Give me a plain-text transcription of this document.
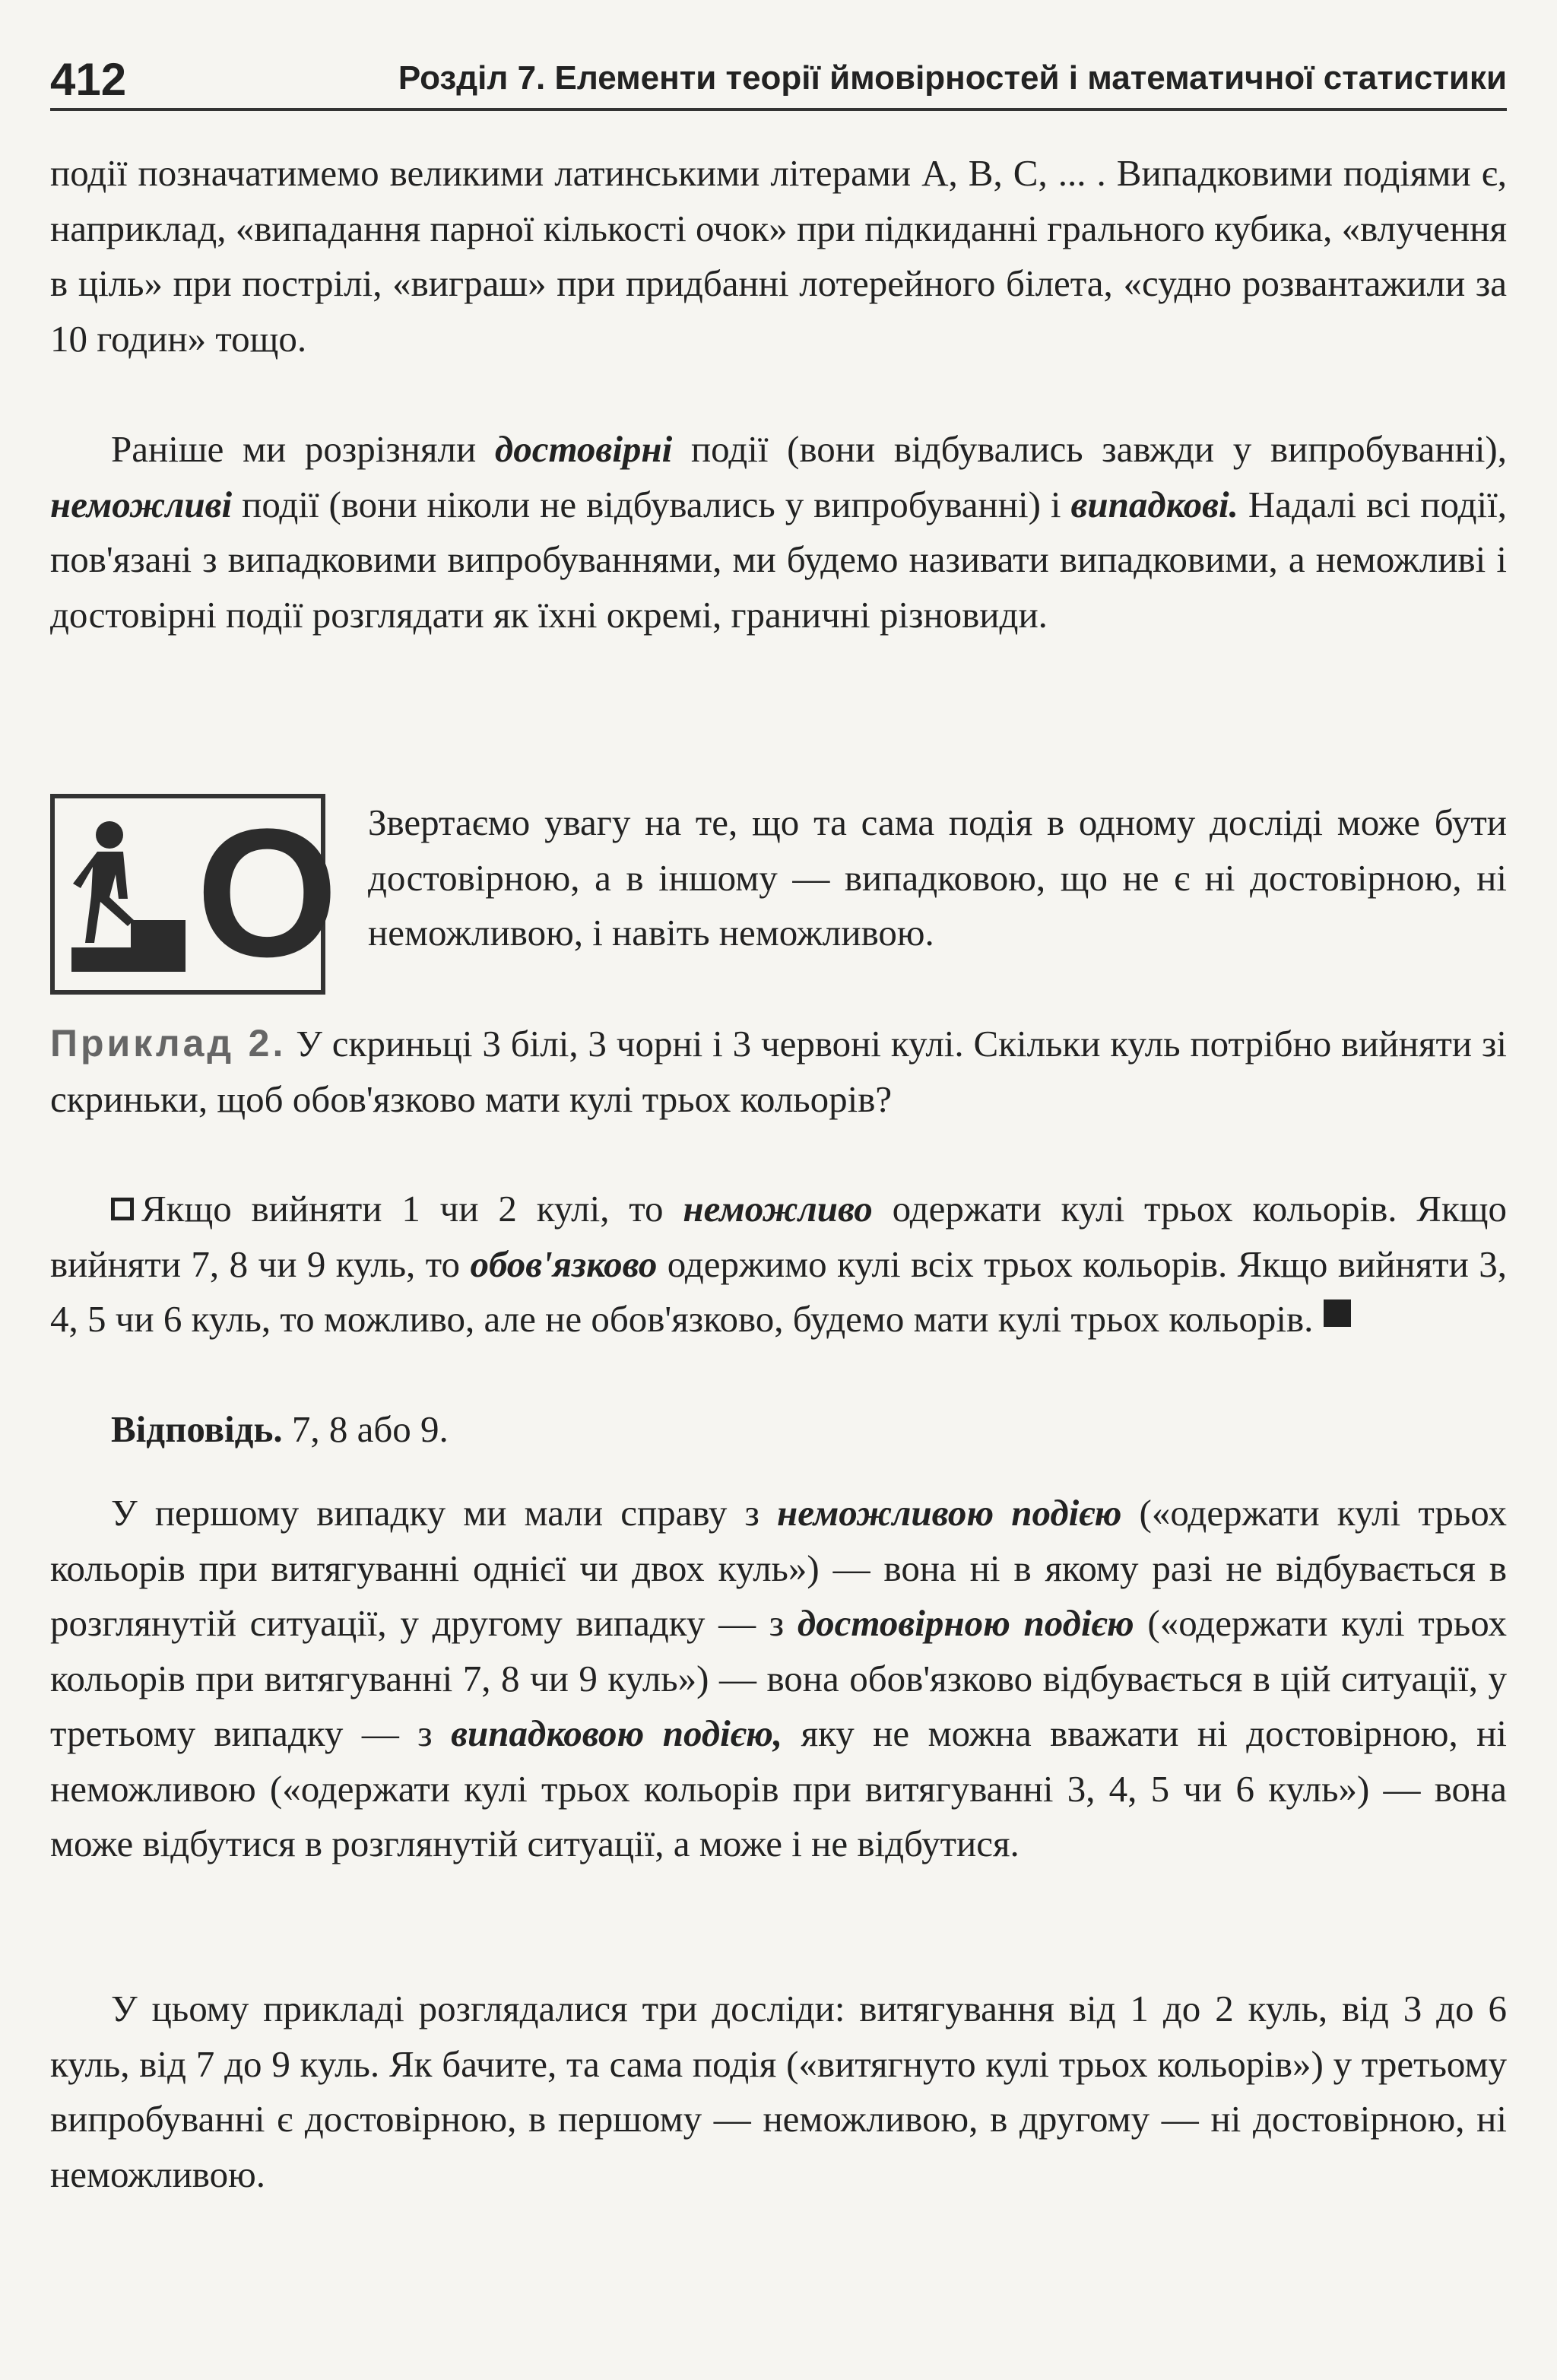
412	Розділ 7. Елементи теорії ймовірностей і математичної статистики

події позначатимемо великими латинськими літерами A, B, C, ... . Випадковими подіями є, наприклад, «випадання парної кількості очок» при підкиданні грального кубика, «влучення в ціль» при пострілі, «виграш» при придбанні лотерейного білета, «судно розвантажили за 10 годин» тощо.

Раніше ми розрізняли достовірні події (вони відбувались завжди у випробуванні), неможливі події (вони ніколи не відбувались у випробуванні) і випадкові. Надалі всі події, пов'язані з випадковими випробуваннями, ми будемо називати випадковими, а неможливі і достовірні події розглядати як їхні окремі, граничні різновиди.

O Звертаємо увагу на те, що та сама подія в одному досліді може бути достовірною, а в іншому — випадковою, що не є ні достовірною, ні неможливою, і навіть неможливою.

Приклад 2. У скриньці 3 білі, 3 чорні і 3 червоні кулі. Скільки куль потрібно вийняти зі скриньки, щоб обов'язково мати кулі трьох кольорів?

Якщо вийняти 1 чи 2 кулі, то неможливо одержати кулі трьох кольорів. Якщо вийняти 7, 8 чи 9 куль, то обов'язково одержимо кулі всіх трьох кольорів. Якщо вийняти 3, 4, 5 чи 6 куль, то можливо, але не обов'язково, будемо мати кулі трьох кольорів.

Відповідь. 7, 8 або 9.

У першому випадку ми мали справу з неможливою подією («одержати кулі трьох кольорів при витягуванні однієї чи двох куль») — вона ні в якому разі не відбувається в розглянутій ситуації, у другому випадку — з достовірною подією («одержати кулі трьох кольорів при витягуванні 7, 8 чи 9 куль») — вона обов'язково відбувається в цій ситуації, у третьому випадку — з випадковою подією, яку не можна вважати ні достовірною, ні неможливою («одержати кулі трьох кольорів при витягуванні 3, 4, 5 чи 6 куль») — вона може відбутися в розглянутій ситуації, а може і не відбутися.

У цьому прикладі розглядалися три досліди: витягування від 1 до 2 куль, від 3 до 6 куль, від 7 до 9 куль. Як бачите, та сама подія («витягнуто кулі трьох кольорів») у третьому випробуванні є достовірною, в першому — неможливою, в другому — ні достовірною, ні неможливою.
